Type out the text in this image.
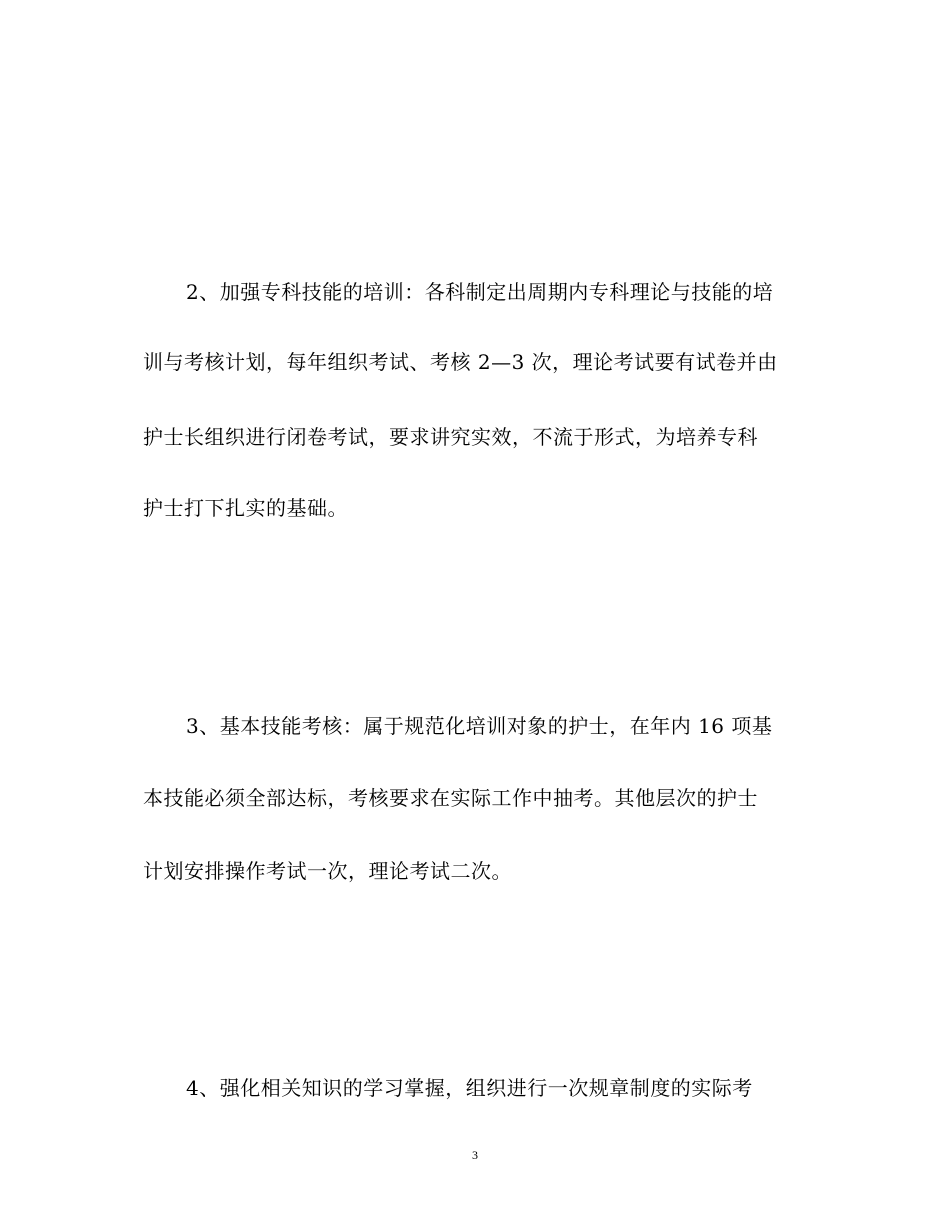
2、加强专科技能的培训：各科制定出周期内专科理论与技能的培
训与考核计划，每年组织考试、考核 2—3 次，理论考试要有试卷并由
护士长组织进行闭卷考试，要求讲究实效，不流于形式，为培养专科
护士打下扎实的基础。
3、基本技能考核：属于规范化培训对象的护士，在年内 16 项基
本技能必须全部达标，考核要求在实际工作中抽考。其他层次的护士
计划安排操作考试一次，理论考试二次。
4、强化相关知识的学习掌握，组织进行一次规章制度的实际考
3
